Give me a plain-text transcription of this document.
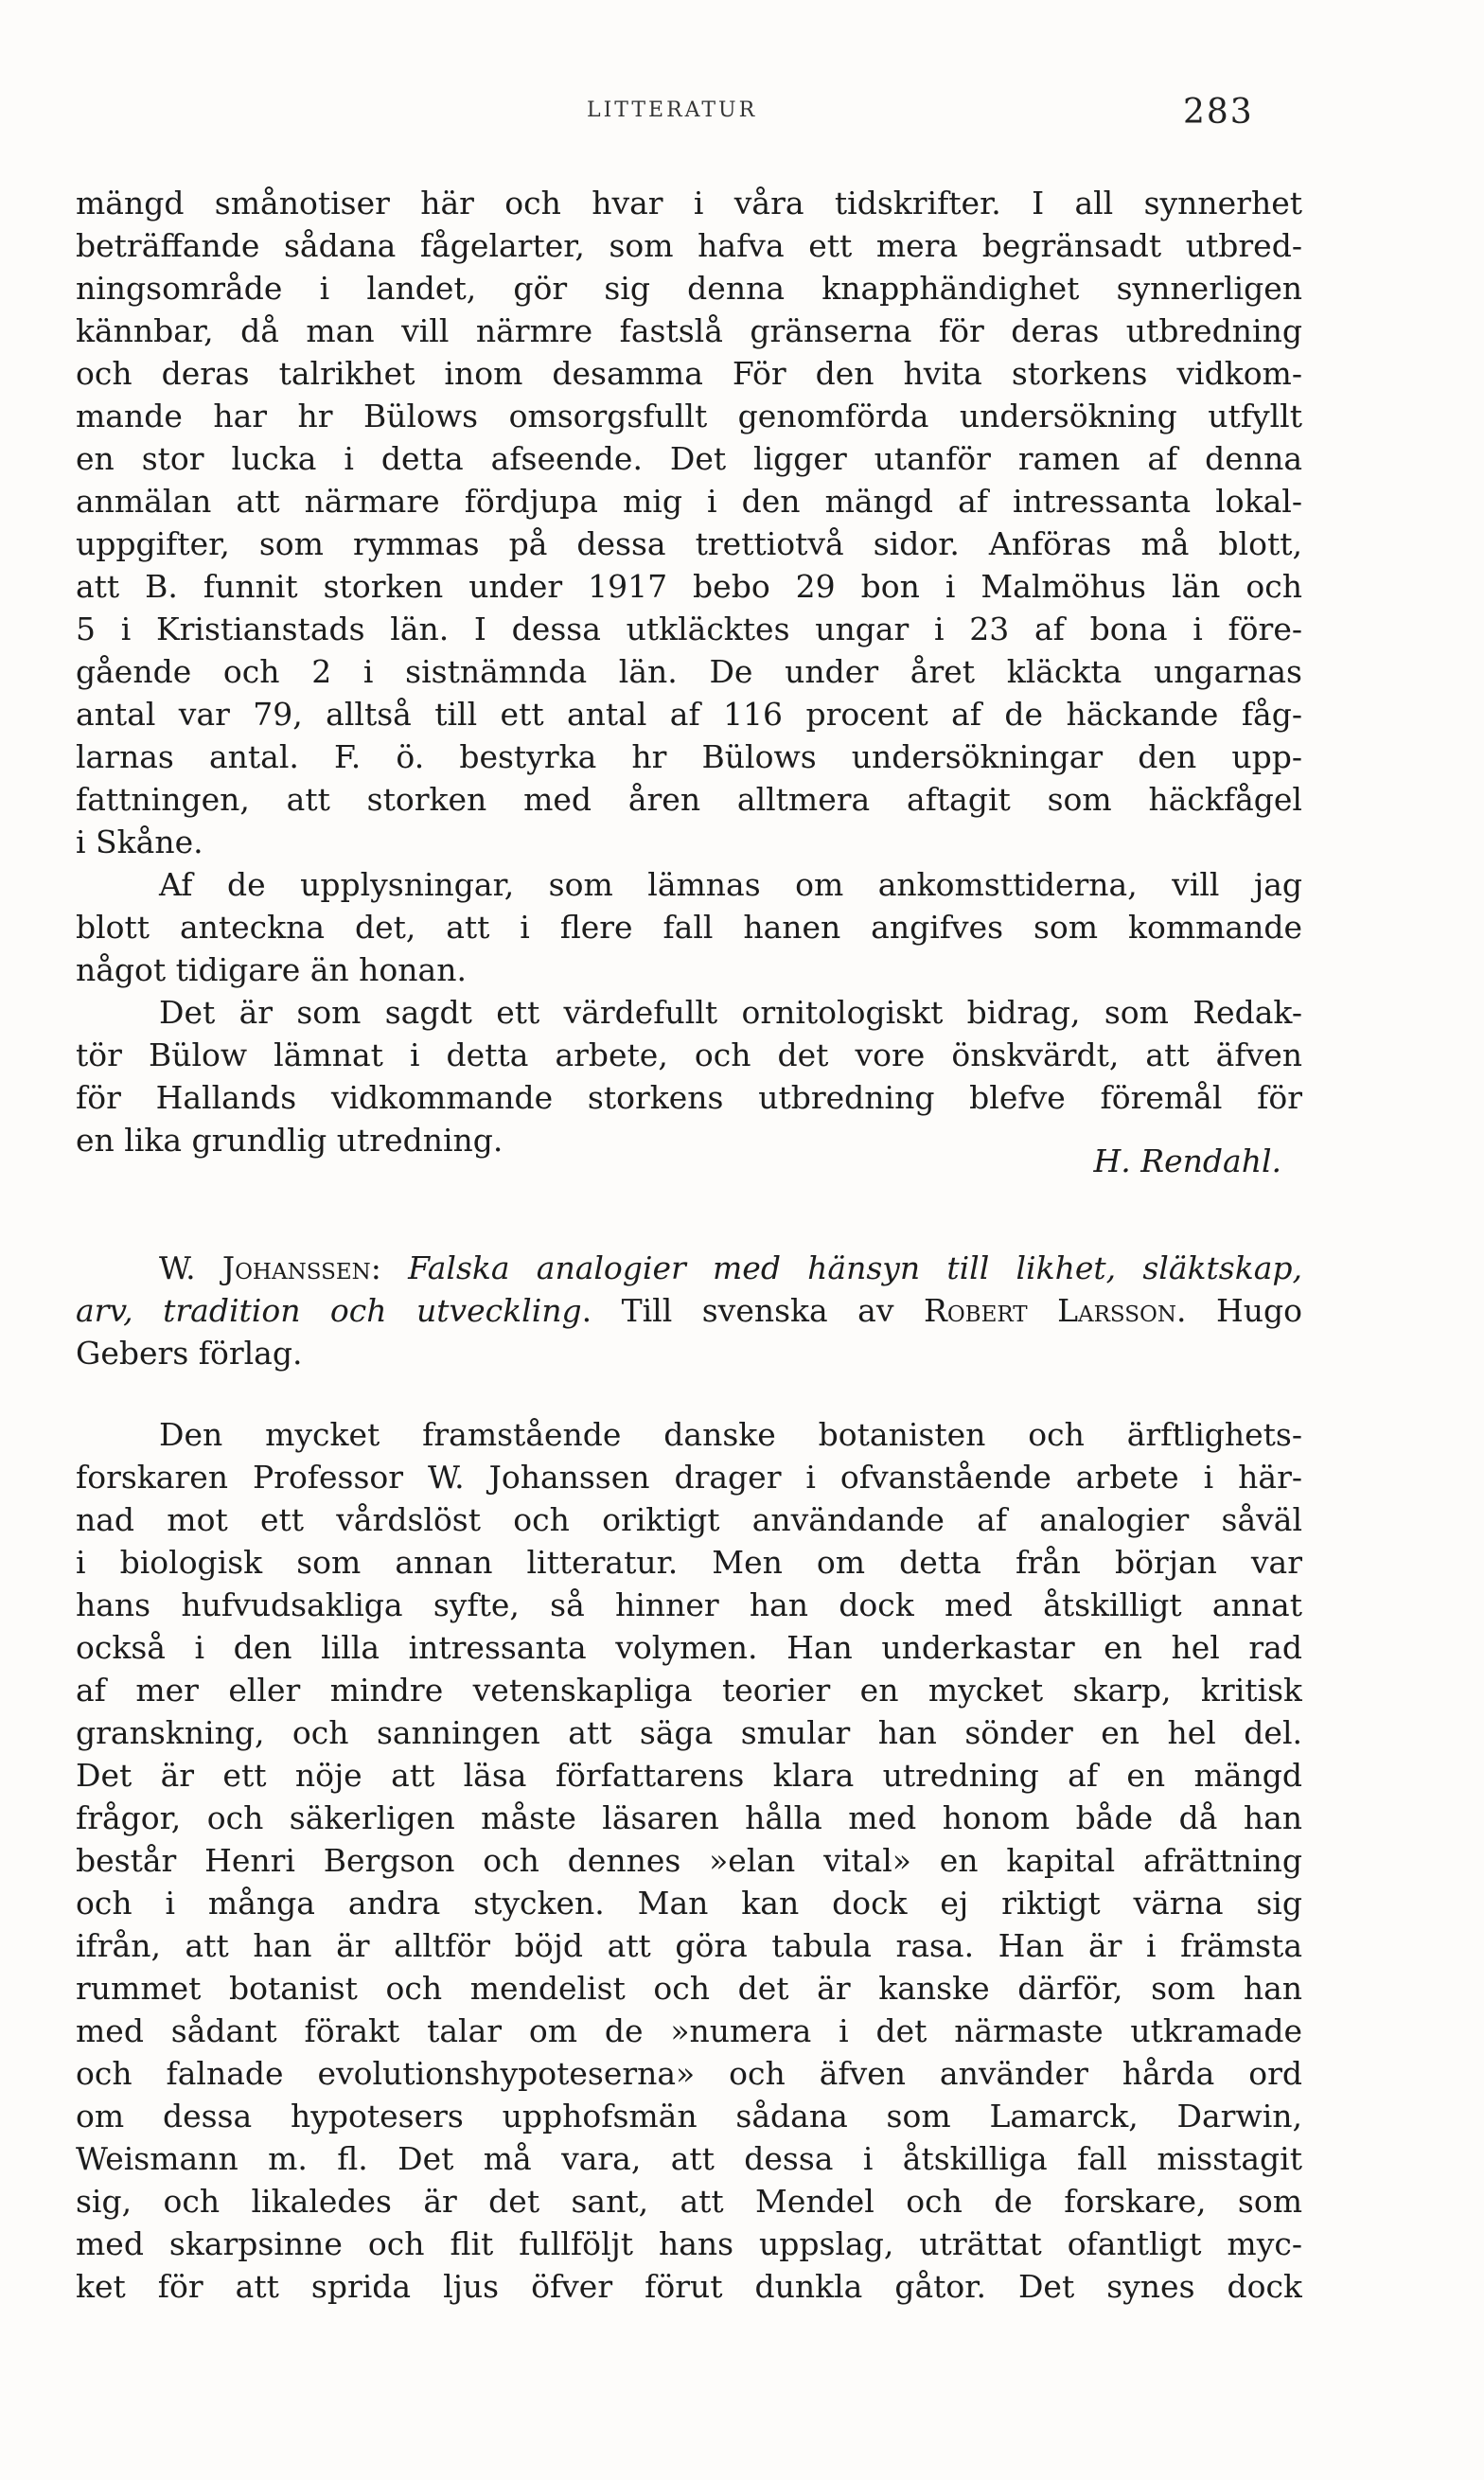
LITTERATUR	283
mängd smånotiser här och hvar i våra tidskrifter. I all synnerhet
beträffande sådana fågelarter, som hafva ett mera begränsadt utbred-
ningsområde i landet, gör sig denna knapphändighet synnerligen
kännbar, då man vill närmre fastslå gränserna för deras utbredning
och deras talrikhet inom desamma För den hvita storkens vidkom-
mande har hr Bülows omsorgsfullt genomförda undersökning utfyllt
en stor lucka i detta afseende. Det ligger utanför ramen af denna
anmälan att närmare fördjupa mig i den mängd af intressanta lokal-
uppgifter, som rymmas på dessa trettiotvå sidor. Anföras må blott,
att B. funnit storken under 1917 bebo 29 bon i Malmöhus län och
5 i Kristianstads län. I dessa utkläcktes ungar i 23 af bona i före-
gående och 2 i sistnämnda län. De under året kläckta ungarnas
antal var 79, alltså till ett antal af 116 procent af de häckande fåg-
larnas antal. F. ö. bestyrka hr Bülows undersökningar den upp-
fattningen, att storken med åren alltmera aftagit som häckfågel
i Skåne.
Af de upplysningar, som lämnas om ankomsttiderna, vill jag
blott anteckna det, att i flere fall hanen angifves som kommande
något tidigare än honan.
Det är som sagdt ett värdefullt ornitologiskt bidrag, som Redak-
tör Bülow lämnat i detta arbete, och det vore önskvärdt, att äfven
för Hallands vidkommande storkens utbredning blefve föremål för
en lika grundlig utredning.
H. Rendahl.
W. Johanssen: Falska analogier med hänsyn till likhet, släktskap,
arv, tradition och utveckling. Till svenska av Robert Larsson. Hugo
Gebers förlag.
Den mycket framstående danske botanisten och ärftlighets-
forskaren Professor W. Johanssen drager i ofvanstående arbete i här-
nad mot ett vårdslöst och oriktigt användande af analogier såväl
i biologisk som annan litteratur. Men om detta från början var
hans hufvudsakliga syfte, så hinner han dock med åtskilligt annat
också i den lilla intressanta volymen. Han underkastar en hel rad
af mer eller mindre vetenskapliga teorier en mycket skarp, kritisk
granskning, och sanningen att säga smular han sönder en hel del.
Det är ett nöje att läsa författarens klara utredning af en mängd
frågor, och säkerligen måste läsaren hålla med honom både då han
består Henri Bergson och dennes »elan vital» en kapital afrättning
och i många andra stycken. Man kan dock ej riktigt värna sig
ifrån, att han är alltför böjd att göra tabula rasa. Han är i främsta
rummet botanist och mendelist och det är kanske därför, som han
med sådant förakt talar om de »numera i det närmaste utkramade
och falnade evolutionshypoteserna» och äfven använder hårda ord
om dessa hypotesers upphofsmän sådana som Lamarck, Darwin,
Weismann m. fl. Det må vara, att dessa i åtskilliga fall misstagit
sig, och likaledes är det sant, att Mendel och de forskare, som
med skarpsinne och flit fullföljt hans uppslag, uträttat ofantligt myc-
ket för att sprida ljus öfver förut dunkla gåtor. Det synes dock
